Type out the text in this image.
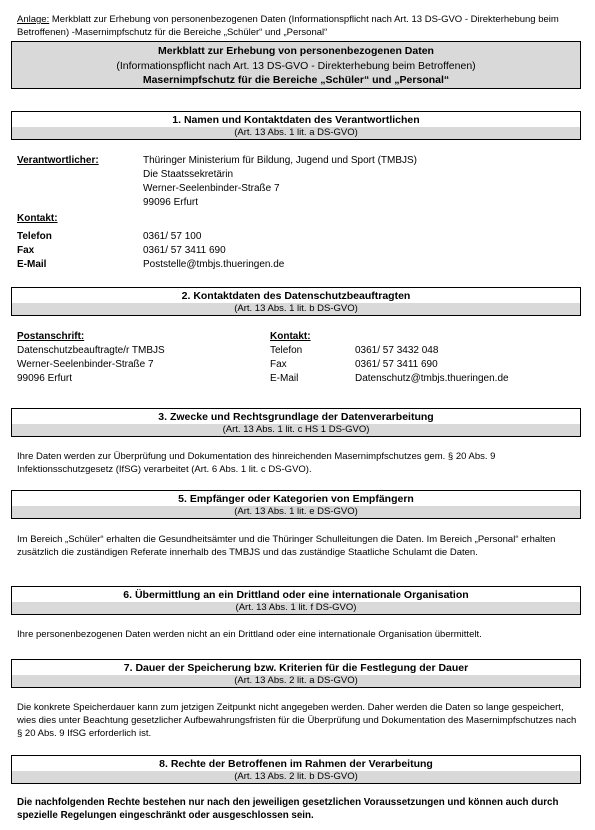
Anlage: Merkblatt zur Erhebung von personenbezogenen Daten (Informationspflicht nach Art. 13 DS-GVO - Direkterhebung beim Betroffenen) -Masernimpfschutz für die Bereiche „Schüler“ und „Personal“
Merkblatt zur Erhebung von personenbezogenen Daten
(Informationspflicht nach Art. 13 DS-GVO - Direkterhebung beim Betroffenen)
Masernimpfschutz für die Bereiche „Schüler“ und „Personal“
1. Namen und Kontaktdaten des Verantwortlichen
(Art. 13 Abs. 1 lit. a DS-GVO)
Verantwortlicher:	Thüringer Ministerium für Bildung, Jugend und Sport (TMBJS)
Die Staatssekretärin
Werner-Seelenbinder-Straße 7
99096 Erfurt
Kontakt:
Telefon	0361/ 57 100
Fax	0361/ 57 3411 690
E-Mail	Poststelle@tmbjs.thueringen.de
2. Kontaktdaten des Datenschutzbeauftragten
(Art. 13 Abs. 1 lit. b DS-GVO)
Postanschrift:
Datenschutzbeauftragte/r TMBJS
Werner-Seelenbinder-Straße 7
99096 Erfurt
Kontakt:
Telefon	0361/ 57 3432 048
Fax	0361/ 57 3411 690
E-Mail	Datenschutz@tmbjs.thueringen.de
3. Zwecke und Rechtsgrundlage der Datenverarbeitung
(Art. 13 Abs. 1 lit. c HS 1 DS-GVO)
Ihre Daten werden zur Überprüfung und Dokumentation des hinreichenden Masernimpfschutzes gem. § 20 Abs. 9 Infektionsschutzgesetz (IfSG) verarbeitet (Art. 6 Abs. 1 lit. c DS-GVO).
5. Empfänger oder Kategorien von Empfängern
(Art. 13 Abs. 1 lit. e DS-GVO)
Im Bereich „Schüler“ erhalten die Gesundheitsämter und die Thüringer Schulleitungen die Daten. Im Bereich „Personal“ erhalten zusätzlich die zuständigen Referate innerhalb des TMBJS und das zuständige Staatliche Schulamt die Daten.
6. Übermittlung an ein Drittland oder eine internationale Organisation
(Art. 13 Abs. 1 lit. f DS-GVO)
Ihre personenbezogenen Daten werden nicht an ein Drittland oder eine internationale Organisation übermittelt.
7. Dauer der Speicherung bzw. Kriterien für die Festlegung der Dauer
(Art. 13 Abs. 2 lit. a DS-GVO)
Die konkrete Speicherdauer kann zum jetzigen Zeitpunkt nicht angegeben werden. Daher werden die Daten so lange gespeichert, wies dies unter Beachtung gesetzlicher Aufbewahrungsfristen für die Überprüfung und Dokumentation des Masernimpfschutzes nach § 20 Abs. 9 IfSG erforderlich ist.
8. Rechte der Betroffenen im Rahmen der Verarbeitung
(Art. 13 Abs. 2 lit. b DS-GVO)
Die nachfolgenden Rechte bestehen nur nach den jeweiligen gesetzlichen Voraussetzungen und können auch durch spezielle Regelungen eingeschränkt oder ausgeschlossen sein.
